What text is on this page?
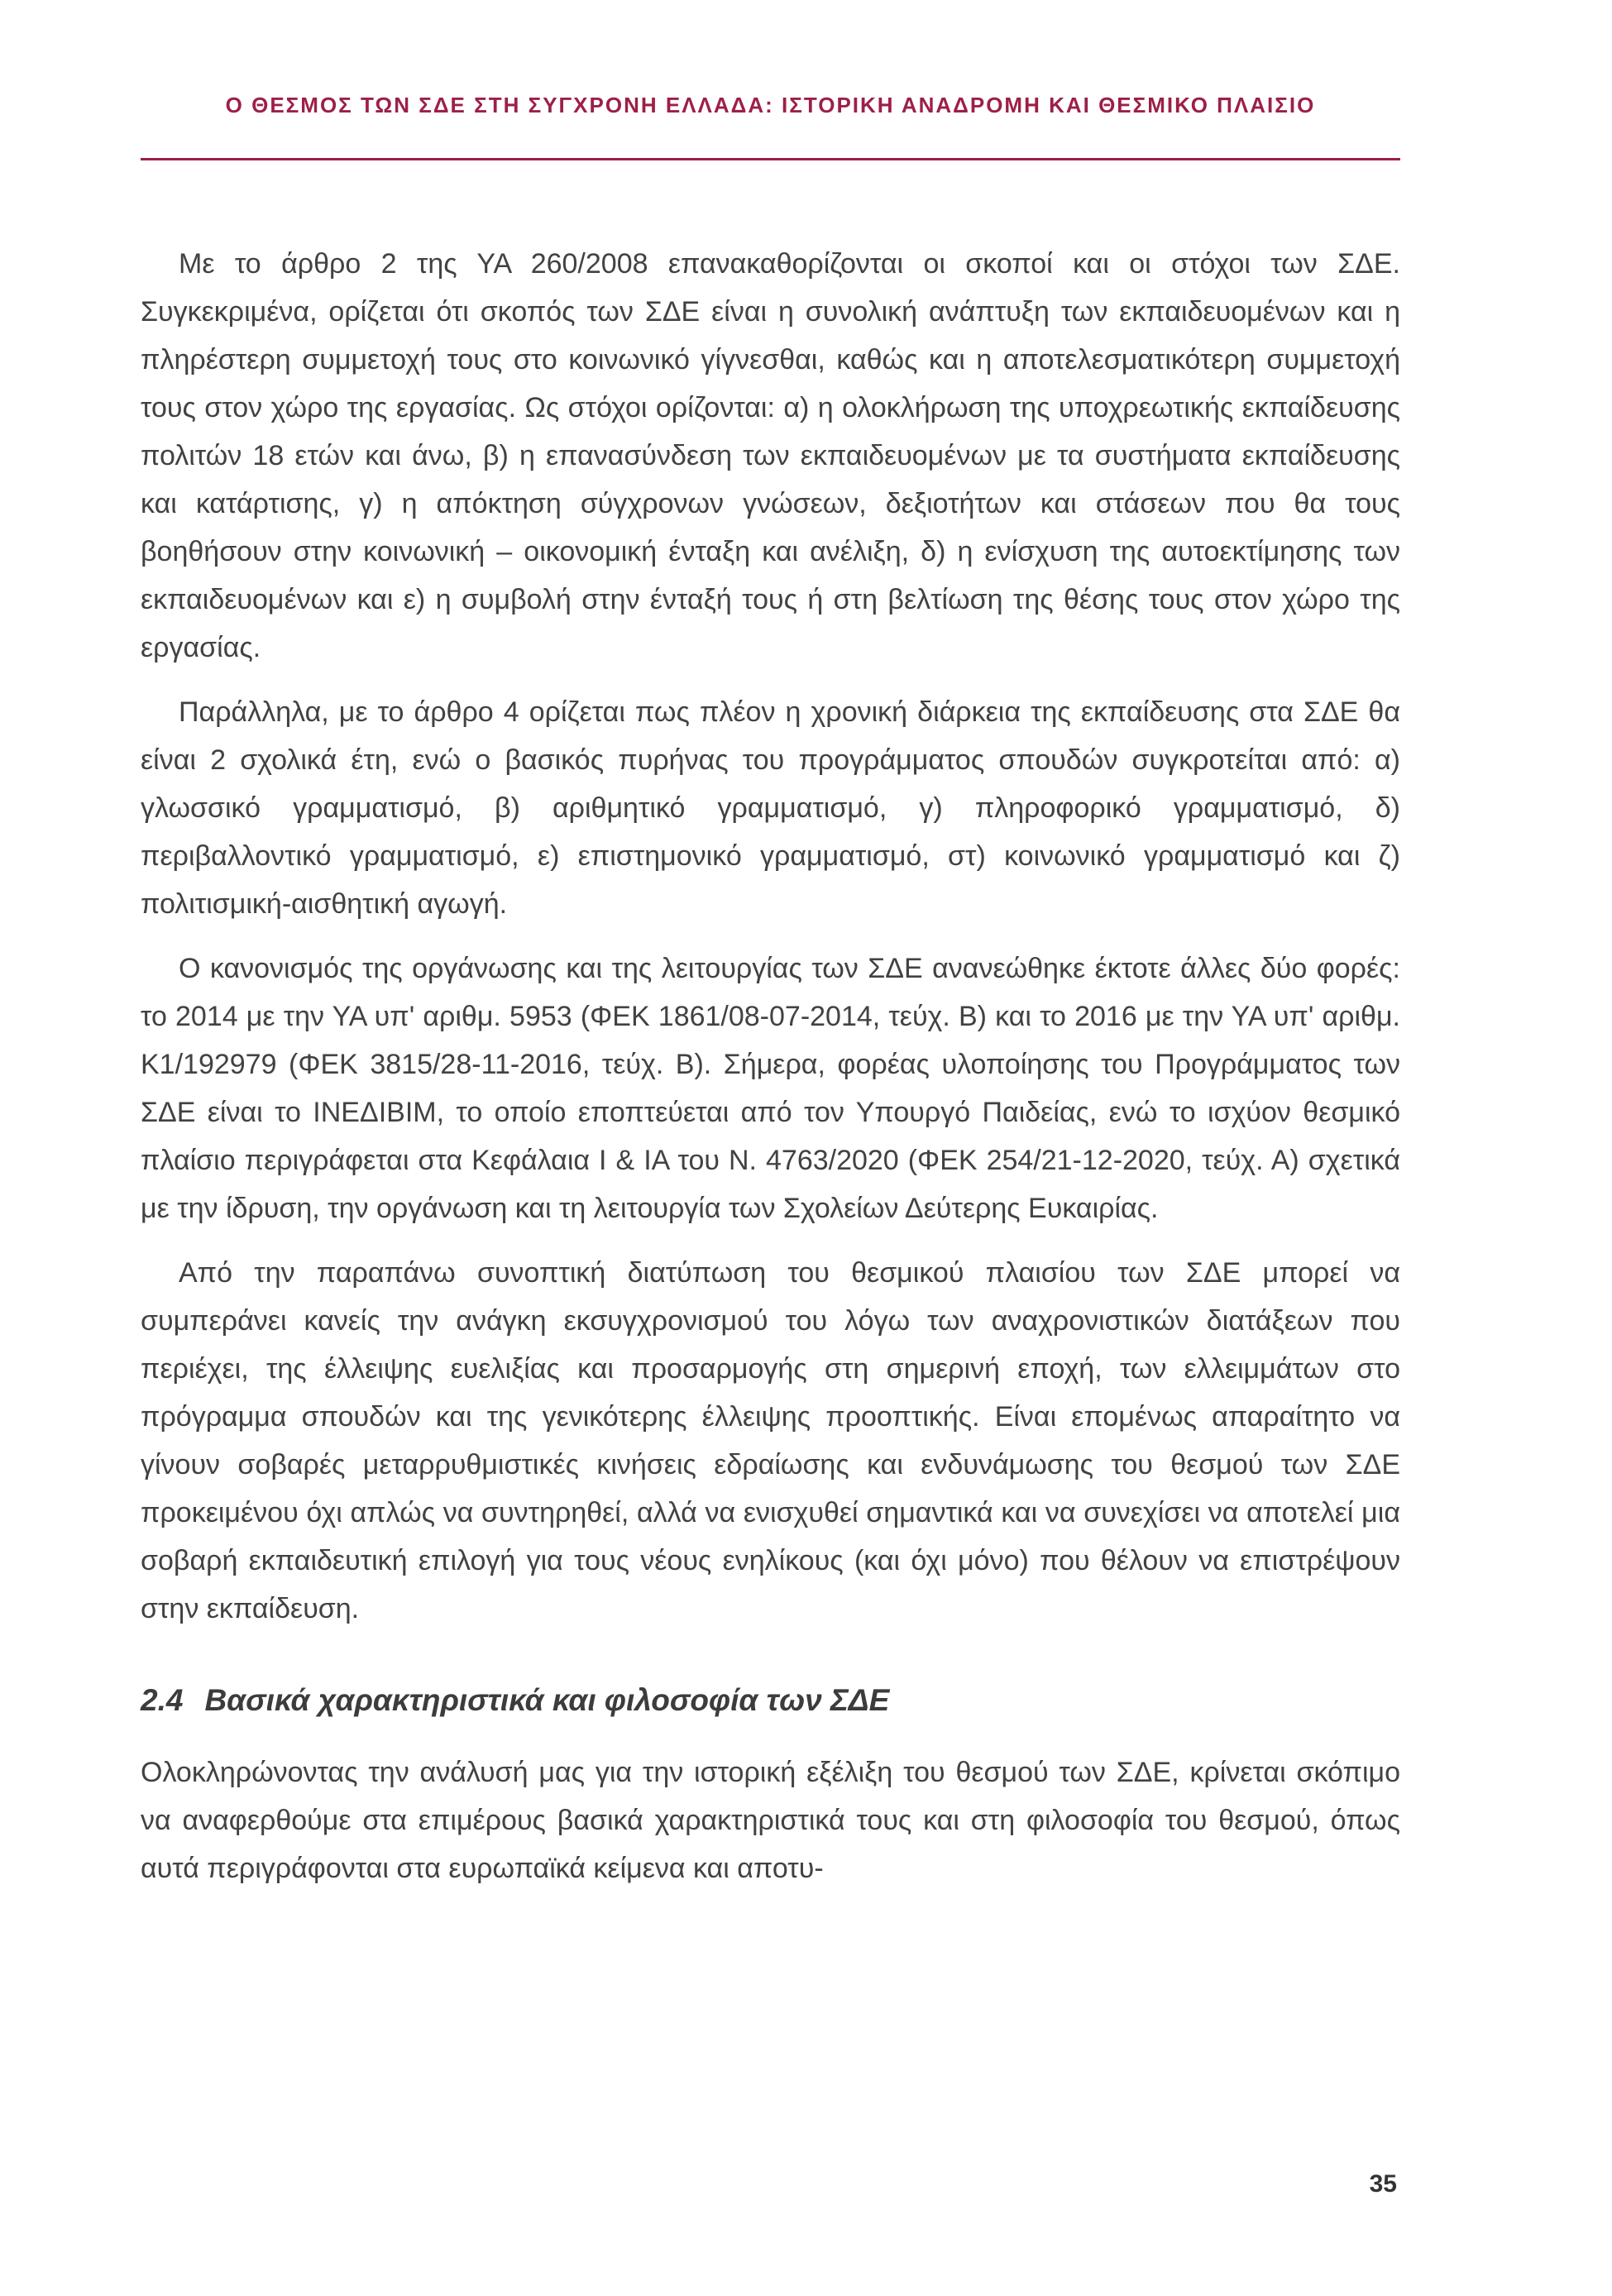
Ο ΘΕΣΜΟΣ ΤΩΝ ΣΔΕ ΣΤΗ ΣΥΓΧΡΟΝΗ ΕΛΛΑΔΑ: ΙΣΤΟΡΙΚΗ ΑΝΑΔΡΟΜΗ ΚΑΙ ΘΕΣΜΙΚΟ ΠΛΑΙΣΙΟ

Με το άρθρο 2 της ΥΑ 260/2008 επανακαθορίζονται οι σκοποί και οι στόχοι των ΣΔΕ. Συγκεκριμένα, ορίζεται ότι σκοπός των ΣΔΕ είναι η συνολική ανάπτυξη των εκπαιδευομένων και η πληρέστερη συμμετοχή τους στο κοινωνικό γίγνεσθαι, καθώς και η αποτελεσματικότερη συμμετοχή τους στον χώρο της εργασίας. Ως στόχοι ορίζονται: α) η ολοκλήρωση της υποχρεωτικής εκπαίδευσης πολιτών 18 ετών και άνω, β) η επανασύνδεση των εκπαιδευομένων με τα συστήματα εκπαίδευσης και κατάρτισης, γ) η απόκτηση σύγχρονων γνώσεων, δεξιοτήτων και στάσεων που θα τους βοηθήσουν στην κοινωνική – οικονομική ένταξη και ανέλιξη, δ) η ενίσχυση της αυτοεκτίμησης των εκπαιδευομένων και ε) η συμβολή στην ένταξή τους ή στη βελτίωση της θέσης τους στον χώρο της εργασίας.

Παράλληλα, με το άρθρο 4 ορίζεται πως πλέον η χρονική διάρκεια της εκπαίδευσης στα ΣΔΕ θα είναι 2 σχολικά έτη, ενώ ο βασικός πυρήνας του προγράμματος σπουδών συγκροτείται από: α) γλωσσικό γραμματισμό, β) αριθμητικό γραμματισμό, γ) πληροφορικό γραμματισμό, δ) περιβαλλοντικό γραμματισμό, ε) επιστημονικό γραμματισμό, στ) κοινωνικό γραμματισμό και ζ) πολιτισμική-αισθητική αγωγή.

Ο κανονισμός της οργάνωσης και της λειτουργίας των ΣΔΕ ανανεώθηκε έκτοτε άλλες δύο φορές: το 2014 με την ΥΑ υπ' αριθμ. 5953 (ΦΕΚ 1861/08-07-2014, τεύχ. Β) και το 2016 με την ΥΑ υπ' αριθμ. Κ1/192979 (ΦΕΚ 3815/28-11-2016, τεύχ. Β). Σήμερα, φορέας υλοποίησης του Προγράμματος των ΣΔΕ είναι το ΙΝΕΔΙΒΙΜ, το οποίο εποπτεύεται από τον Υπουργό Παιδείας, ενώ το ισχύον θεσμικό πλαίσιο περιγράφεται στα Κεφάλαια Ι & ΙΑ του Ν. 4763/2020 (ΦΕΚ 254/21-12-2020, τεύχ. Α) σχετικά με την ίδρυση, την οργάνωση και τη λειτουργία των Σχολείων Δεύτερης Ευκαιρίας.

Από την παραπάνω συνοπτική διατύπωση του θεσμικού πλαισίου των ΣΔΕ μπορεί να συμπεράνει κανείς την ανάγκη εκσυγχρονισμού του λόγω των αναχρονιστικών διατάξεων που περιέχει, της έλλειψης ευελιξίας και προσαρμογής στη σημερινή εποχή, των ελλειμμάτων στο πρόγραμμα σπουδών και της γενικότερης έλλειψης προοπτικής. Είναι επομένως απαραίτητο να γίνουν σοβαρές μεταρρυθμιστικές κινήσεις εδραίωσης και ενδυνάμωσης του θεσμού των ΣΔΕ προκειμένου όχι απλώς να συντηρηθεί, αλλά να ενισχυθεί σημαντικά και να συνεχίσει να αποτελεί μια σοβαρή εκπαιδευτική επιλογή για τους νέους ενηλίκους (και όχι μόνο) που θέλουν να επιστρέψουν στην εκπαίδευση.

2.4 Βασικά χαρακτηριστικά και φιλοσοφία των ΣΔΕ

Ολοκληρώνοντας την ανάλυσή μας για την ιστορική εξέλιξη του θεσμού των ΣΔΕ, κρίνεται σκόπιμο να αναφερθούμε στα επιμέρους βασικά χαρακτηριστικά τους και στη φιλοσοφία του θεσμού, όπως αυτά περιγράφονται στα ευρωπαϊκά κείμενα και αποτυ-

35
